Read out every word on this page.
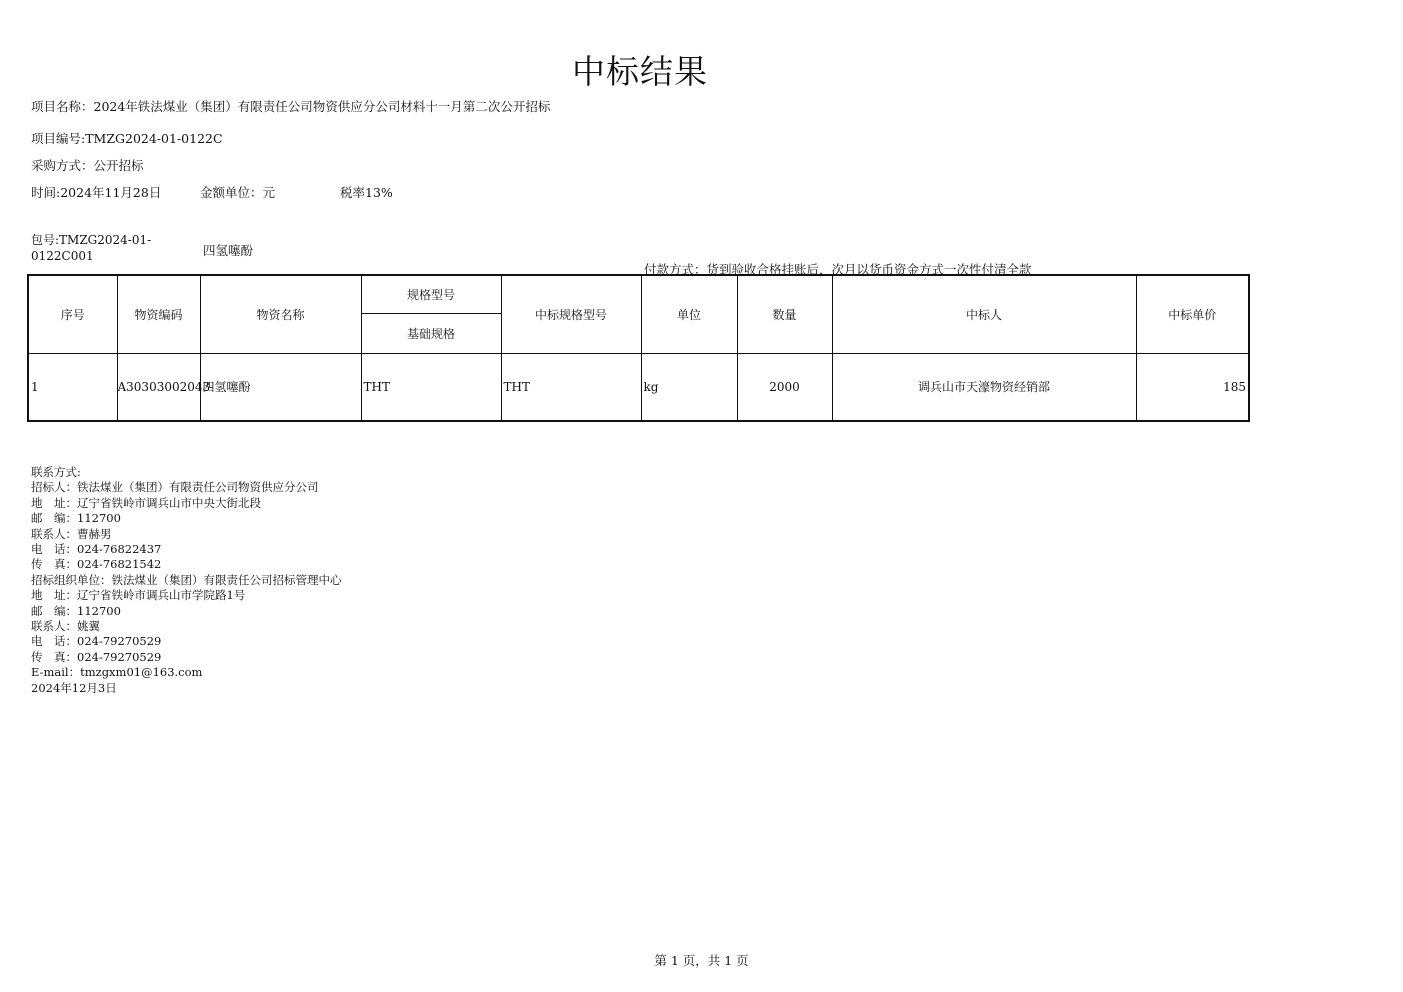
中标结果
项目名称：2024年铁法煤业（集团）有限责任公司物资供应分公司材料十一月第二次公开招标
项目编号:TMZG2024-01-0122C
采购方式：公开招标
时间:2024年11月28日	金额单位：元	税率13%
包号:TMZG2024-01-0122C001	四氢噻酚
付款方式：货到验收合格挂账后，次月以货币资金方式一次性付清全款
序号	物资编码	物资名称	规格型号	中标规格型号	单位	数量	中标人	中标单价
			基础规格					
1	A30303002043	四氢噻酚	THT	THT	kg	2000	调兵山市天濠物资经销部	185
联系方式:
招标人：铁法煤业（集团）有限责任公司物资供应分公司
地　址：辽宁省铁岭市调兵山市中央大街北段
邮　编：112700
联系人：曹赫男
电　话：024-76822437
传　真：024-76821542
招标组织单位：铁法煤业（集团）有限责任公司招标管理中心
地　址：辽宁省铁岭市调兵山市学院路1号
邮　编：112700
联系人：姚翼
电　话：024-79270529
传　真：024-79270529
E-mail：tmzgxm01@163.com
2024年12月3日
第 1 页，共 1 页
